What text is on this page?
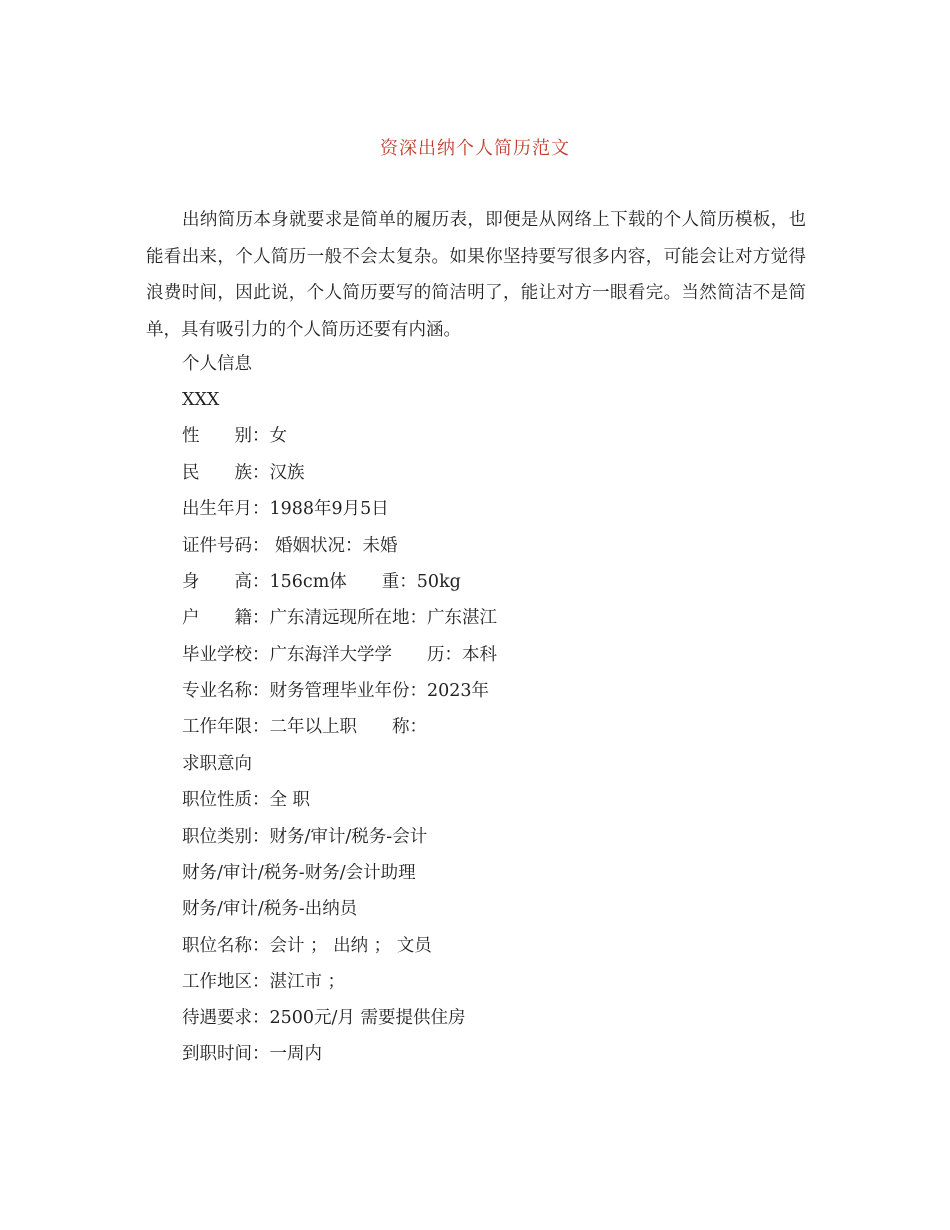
资深出纳个人简历范文

出纳简历本身就要求是简单的履历表，即便是从网络上下载的个人简历模板，也能看出来，个人简历一般不会太复杂。如果你坚持要写很多内容，可能会让对方觉得浪费时间，因此说，个人简历要写的简洁明了，能让对方一眼看完。当然简洁不是简单，具有吸引力的个人简历还要有内涵。

个人信息

XXX

性　　别：女

民　　族：汉族

出生年月：1988年9月5日

证件号码： 婚姻状况：未婚

身　　高：156cm体　　重：50kg

户　　籍：广东清远现所在地：广东湛江

毕业学校：广东海洋大学学　　历：本科

专业名称：财务管理毕业年份：2023年

工作年限：二年以上职　　称：

求职意向

职位性质：全 职

职位类别：财务/审计/税务-会计

财务/审计/税务-财务/会计助理

财务/审计/税务-出纳员

职位名称：会计 ； 出纳 ； 文员

工作地区：湛江市 ；

待遇要求：2500元/月 需要提供住房

到职时间：一周内
